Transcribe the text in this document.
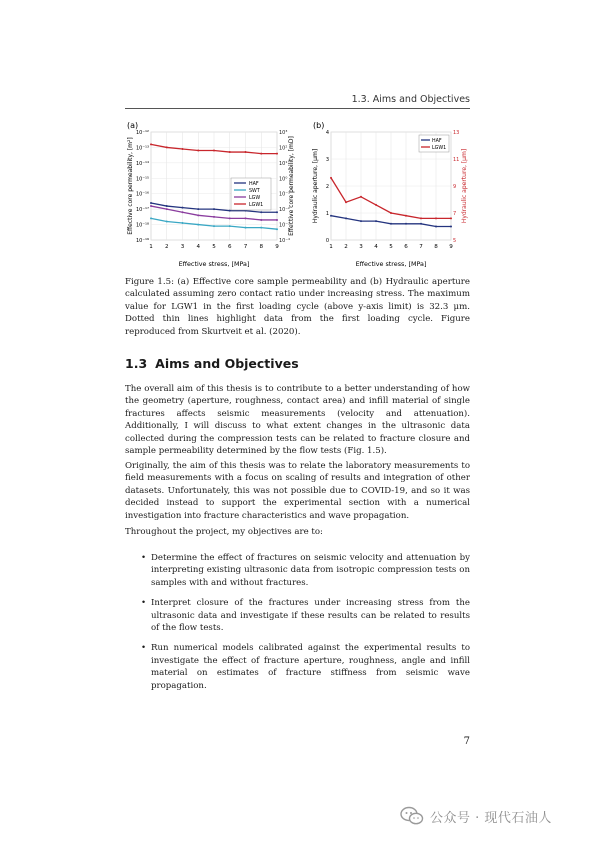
1.3. Aims and Objectives
(a)
1 2 3 4 5 6 7 8 9
10⁻¹²
10⁻¹³
10⁻¹⁴
10⁻¹⁵
10⁻¹⁶
10⁻¹⁷
10⁻¹⁸
10⁻¹⁹
10³
10²
10¹
10⁰
10⁻¹
10⁻²
10⁻³
10⁻⁴
Effective stress, [MPa]
Effective core permeability, [m²]	Effective core permeability, [mD]
HAF
SWT
LGW
LGW1
(b)
1 2 3 4 5 6 7 8 9
4
3
2
1
0
13
11
9
7
5
Effective stress, [MPa]
Hydraulic aperture, [μm]	Hydraulic aperture, [μm]
HAF
LGW1
Figure 1.5: (a) Effective core sample permeability and (b) Hydraulic aperture calculated assuming zero contact ratio under increasing stress. The maximum value for LGW1 in the first loading cycle (above y-axis limit) is 32.3 μm. Dotted thin lines highlight data from the first loading cycle. Figure reproduced from Skurtveit et al. (2020).
1.3 Aims and Objectives

The overall aim of this thesis is to contribute to a better understanding of how the geometry (aperture, roughness, contact area) and infill material of single fractures affects seismic measurements (velocity and attenuation). Additionally, I will discuss to what extent changes in the ultrasonic data collected during the compression tests can be related to fracture closure and sample permeability determined by the flow tests (Fig. 1.5).

Originally, the aim of this thesis was to relate the laboratory measurements to field measurements with a focus on scaling of results and integration of other datasets. Unfortunately, this was not possible due to COVID-19, and so it was decided instead to support the experimental section with a numerical investigation into fracture characteristics and wave propagation.

Throughout the project, my objectives are to:

• Determine the effect of fractures on seismic velocity and attenuation by interpreting existing ultrasonic data from isotropic compression tests on samples with and without fractures.
• Interpret closure of the fractures under increasing stress from the ultrasonic data and investigate if these results can be related to results of the flow tests.
• Run numerical models calibrated against the experimental results to investigate the effect of fracture aperture, roughness, angle and infill material on estimates of fracture stiffness from seismic wave propagation.
7
公众号 · 现代石油人
